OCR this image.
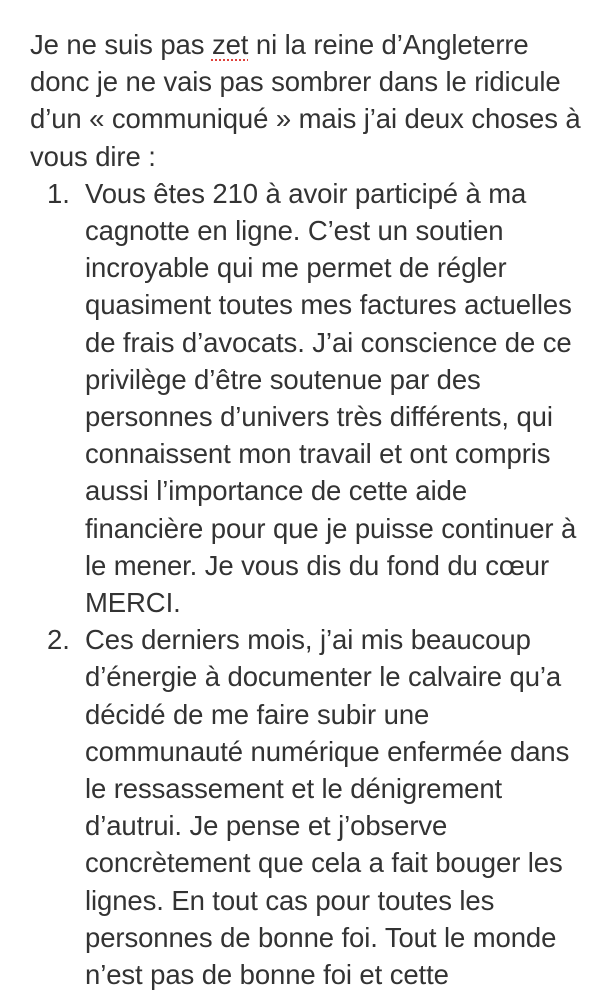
Je ne suis pas zet ni la reine d’Angleterre
donc je ne vais pas sombrer dans le ridicule
d’un « communiqué » mais j’ai deux choses à
vous dire :
1. Vous êtes 210 à avoir participé à ma
cagnotte en ligne. C’est un soutien
incroyable qui me permet de régler
quasiment toutes mes factures actuelles
de frais d’avocats. J’ai conscience de ce
privilège d’être soutenue par des
personnes d’univers très différents, qui
connaissent mon travail et ont compris
aussi l’importance de cette aide
financière pour que je puisse continuer à
le mener. Je vous dis du fond du cœur
MERCI.
2. Ces derniers mois, j’ai mis beaucoup
d’énergie à documenter le calvaire qu’a
décidé de me faire subir une
communauté numérique enfermée dans
le ressassement et le dénigrement
d’autrui. Je pense et j’observe
concrètement que cela a fait bouger les
lignes. En tout cas pour toutes les
personnes de bonne foi. Tout le monde
n’est pas de bonne foi et cette
